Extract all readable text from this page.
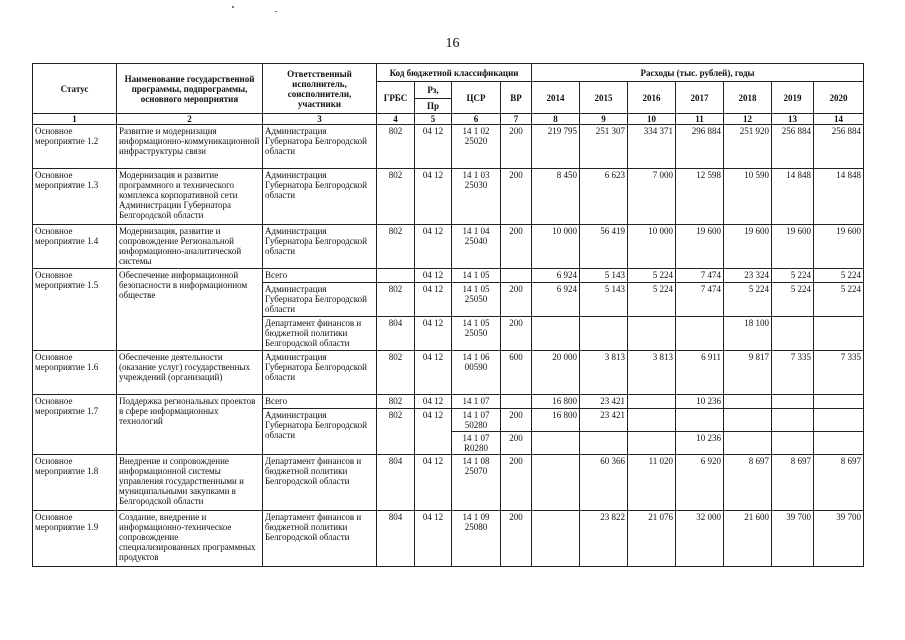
16
Статус	Наименование государственной программы, подпрограммы, основного мероприятия	Ответственный исполнитель, соисполнители, участники	Код бюджетной классификации				Расходы (тыс. рублей), годы						
			ГРБС	Рз,	ЦСР	ВР	2014	2015	2016	2017	2018	2019	2020
				Пр									
1	2	3	4	5	6	7	8	9	10	11	12	13	14
Основное мероприятие 1.2	Развитие и модернизация информационно-коммуникационной инфраструктуры связи	Администрация Губернатора Белгородской области	802	04 12	14 1 02 25020	200	219 795	251 307	334 371	296 884	251 920	256 884	256 884
Основное мероприятие 1.3	Модернизация и развитие программного и технического комплекса корпоративной сети Администрации Губернатора Белгородской области	Администрация Губернатора Белгородской области	802	04 12	14 1 03 25030	200	8 450	6 623	7 000	12 598	10 590	14 848	14 848
Основное мероприятие 1.4	Модернизация, развитие и сопровождение Региональной информационно-аналитической системы	Администрация Губернатора Белгородской области	802	04 12	14 1 04 25040	200	10 000	56 419	10 000	19 600	19 600	19 600	19 600
Основное мероприятие 1.5	Обеспечение информационной безопасности в информационном обществе	Всего		04 12	14 1 05		6 924	5 143	5 224	7 474	23 324	5 224	5 224
		Администрация Губернатора Белгородской области	802	04 12	14 1 05 25050	200	6 924	5 143	5 224	7 474	5 224	5 224	5 224
		Департамент финансов и бюджетной политики Белгородской области	804	04 12	14 1 05 25050	200					18 100		
Основное мероприятие 1.6	Обеспечение деятельности (оказание услуг) государственных учреждений (организаций)	Администрация Губернатора Белгородской области	802	04 12	14 1 06 00590	600	20 000	3 813	3 813	6 911	9 817	7 335	7 335
Основное мероприятие 1.7	Поддержка региональных проектов в сфере информационных технологий	Всего	802	04 12	14 1 07		16 800	23 421		10 236			
		Администрация Губернатора Белгородской области	802	04 12	14 1 07 50280	200	16 800	23 421					
					14 1 07 R0280	200				10 236			
Основное мероприятие 1.8	Внедрение и сопровождение информационной системы управления государственными и муниципальными закупками в Белгородской области	Департамент финансов и бюджетной политики Белгородской области	804	04 12	14 1 08 25070	200		60 366	11 020	6 920	8 697	8 697	8 697
Основное мероприятие 1.9	Создание, внедрение и информационно-техническое сопровождение специализированных программных продуктов	Департамент финансов и бюджетной политики Белгородской области	804	04 12	14 1 09 25080	200		23 822	21 076	32 000	21 600	39 700	39 700
